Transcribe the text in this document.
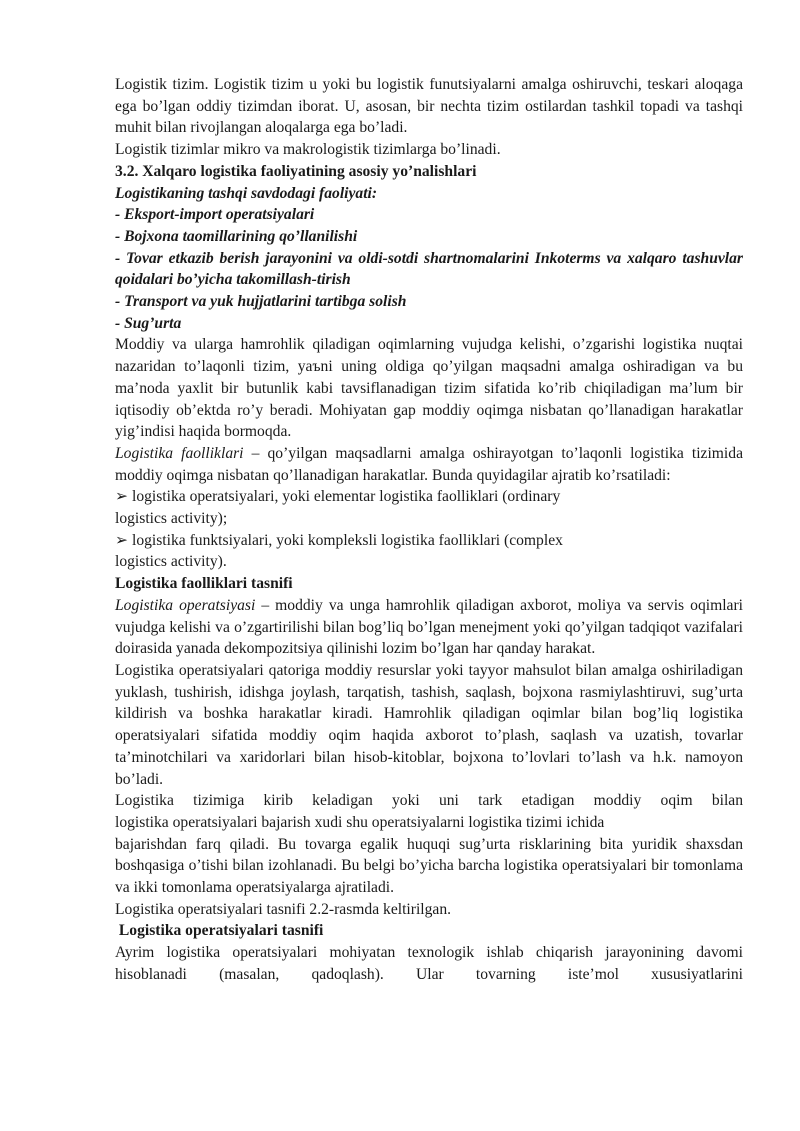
Logistik tizim. Logistik tizim u yoki bu logistik funutsiyalarni amalga oshiruvchi, teskari aloqaga ega bo’lgan oddiy tizimdan iborat. U, asosan, bir nechta tizim ostilardan tashkil topadi va tashqi muhit bilan rivojlangan aloqalarga ega bo’ladi.

Logistik tizimlar mikro va makrologistik tizimlarga bo’linadi.

3.2. Xalqaro logistika faoliyatining asosiy yo’nalishlari

Logistikaning tashqi savdodagi faoliyati:

- Eksport-import operatsiyalari

- Bojxona taomillarining qo’llanilishi

- Tovar etkazib berish jarayonini va oldi-sotdi shartnomalarini Inkoterms va xalqaro tashuvlar qoidalari bo’yicha takomillash-tirish

- Transport va yuk hujjatlarini tartibga solish

- Sug’urta

Moddiy va ularga hamrohlik qiladigan oqimlarning vujudga kelishi, o’zgarishi logistika nuqtai nazaridan to’laqonli tizim, yaъni uning oldiga qo’yilgan maqsadni amalga oshiradigan va bu ma’noda yaxlit bir butunlik kabi tavsiflanadigan tizim sifatida ko’rib chiqiladigan ma’lum bir iqtisodiy ob’ektda ro’y beradi. Mohiyatan gap moddiy oqimga nisbatan qo’llanadigan harakatlar yig’indisi haqida bormoqda.

Logistika faolliklari – qo’yilgan maqsadlarni amalga oshirayotgan to’laqonli logistika tizimida moddiy oqimga nisbatan qo’llanadigan harakatlar. Bunda quyidagilar ajratib ko’rsatiladi:

➢ logistika operatsiyalari, yoki elementar logistika faolliklari (ordinary

logistics activity);

➢ logistika funktsiyalari, yoki kompleksli logistika faolliklari (complex

logistics activity).

Logistika faolliklari tasnifi

Logistika operatsiyasi – moddiy va unga hamrohlik qiladigan axborot, moliya va servis oqimlari vujudga kelishi va o’zgartirilishi bilan bog’liq bo’lgan menejment yoki qo’yilgan tadqiqot vazifalari doirasida yanada dekompozitsiya qilinishi lozim bo’lgan har qanday harakat.

Logistika operatsiyalari qatoriga moddiy resurslar yoki tayyor mahsulot bilan amalga oshiriladigan yuklash, tushirish, idishga joylash, tarqatish, tashish, saqlash, bojxona rasmiylashtiruvi, sug’urta kildirish va boshka harakatlar kiradi. Hamrohlik qiladigan oqimlar bilan bog’liq logistika operatsiyalari sifatida moddiy oqim haqida axborot to’plash, saqlash va uzatish, tovarlar ta’minotchilari va xaridorlari bilan hisob-kitoblar, bojxona to’lovlari to’lash va h.k. namoyon bo’ladi.

Logistika tizimiga kirib keladigan yoki uni tark etadigan moddiy oqim bilan

logistika operatsiyalari bajarish xudi shu operatsiyalarni logistika tizimi ichida

bajarishdan farq qiladi. Bu tovarga egalik huquqi sug’urta risklarining bita yuridik shaxsdan boshqasiga o’tishi bilan izohlanadi. Bu belgi bo’yicha barcha logistika operatsiyalari bir tomonlama va ikki tomonlama operatsiyalarga ajratiladi.

Logistika operatsiyalari tasnifi 2.2-rasmda keltirilgan.

Logistika operatsiyalari tasnifi

Ayrim logistika operatsiyalari mohiyatan texnologik ishlab chiqarish jarayonining davomi hisoblanadi (masalan, qadoqlash). Ular tovarning iste’mol xususiyatlarini
